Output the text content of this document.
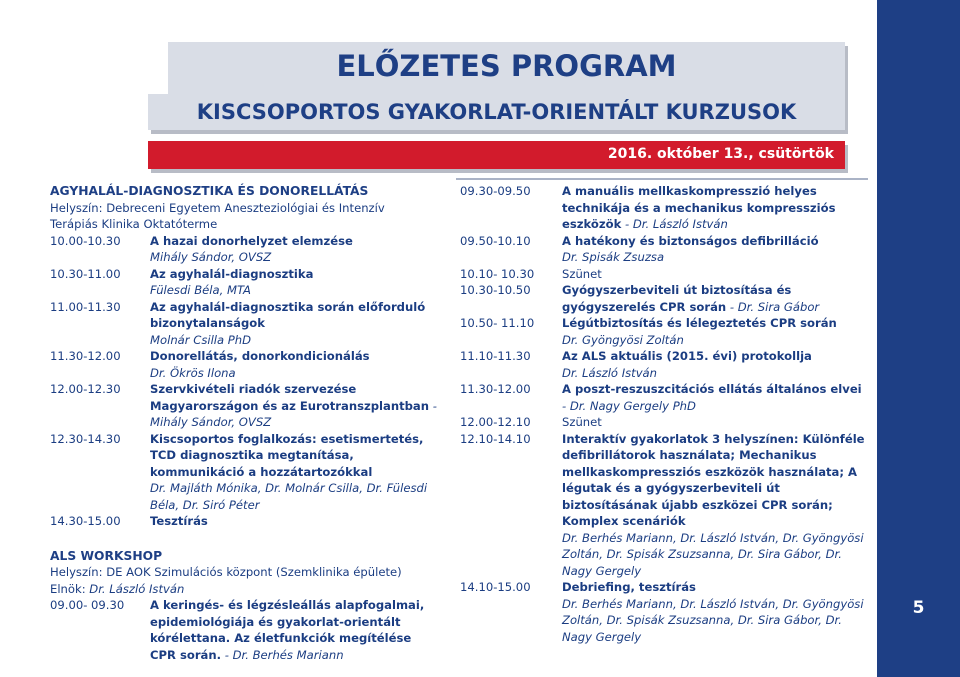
5
ELŐZETES PROGRAM
KISCSOPORTOS GYAKORLAT-ORIENTÁLT KURZUSOK
2016. október 13., csütörtök
AGYHALÁL-DIAGNOSZTIKA ÉS DONORELLÁTÁS
Helyszín: Debreceni Egyetem Aneszteziológiai és Intenzív
Terápiás Klinika Oktatóterme
10.00-10.30	A hazai donorhelyzet elemzése
Mihály Sándor, OVSZ
10.30-11.00	Az agyhalál-diagnosztika
Fülesdi Béla, MTA
11.00-11.30	Az agyhalál-diagnosztika során előforduló bizonytalanságok
Molnár Csilla PhD
11.30-12.00	Donorellátás, donorkondicionálás
Dr. Ökrös Ilona
12.00-12.30	Szervkivételi riadók szervezése Magyarországon és az Eurotranszplantban - Mihály Sándor, OVSZ
12.30-14.30	Kiscsoportos foglalkozás: esetismertetés, TCD diagnosztika megtanítása, kommunikáció a hozzátartozókkal
Dr. Majláth Mónika, Dr. Molnár Csilla, Dr. Fülesdi Béla, Dr. Siró Péter
14.30-15.00	Tesztírás
ALS WORKSHOP
Helyszín: DE AOK Szimulációs központ (Szemklinika épülete)
Elnök: Dr. László István
09.00- 09.30	A keringés- és légzésleállás alapfogalmai, epidemiológiája és gyakorlat-orientált kórélettana. Az életfunkciók megítélése CPR során. - Dr. Berhés Mariann
09.30-09.50	A manuális mellkaskompresszió helyes technikája és a mechanikus kompressziós eszközök - Dr. László István
09.50-10.10	A hatékony és biztonságos defibrilláció
Dr. Spisák Zsuzsa
10.10- 10.30	Szünet
10.30-10.50	Gyógyszerbeviteli út biztosítása és gyógyszerelés CPR során - Dr. Sira Gábor
10.50- 11.10	Légútbiztosítás és lélegeztetés CPR során
Dr. Gyöngyösi Zoltán
11.10-11.30	Az ALS aktuális (2015. évi) protokollja
Dr. László István
11.30-12.00	A poszt-reszuszcitációs ellátás általános elvei - Dr. Nagy Gergely PhD
12.00-12.10	Szünet
12.10-14.10	Interaktív gyakorlatok 3 helyszínen: Különféle defibrillátorok használata; Mechanikus mellkaskompressziós eszközök használata; A légutak és a gyógyszerbeviteli út biztosításának újabb eszközei CPR során; Komplex scenáriók
Dr. Berhés Mariann, Dr. László István, Dr. Gyöngyösi Zoltán, Dr. Spisák Zsuzsanna, Dr. Sira Gábor, Dr. Nagy Gergely
14.10-15.00	Debriefing, tesztírás
Dr. Berhés Mariann, Dr. László István, Dr. Gyöngyösi Zoltán, Dr. Spisák Zsuzsanna, Dr. Sira Gábor, Dr. Nagy Gergely
